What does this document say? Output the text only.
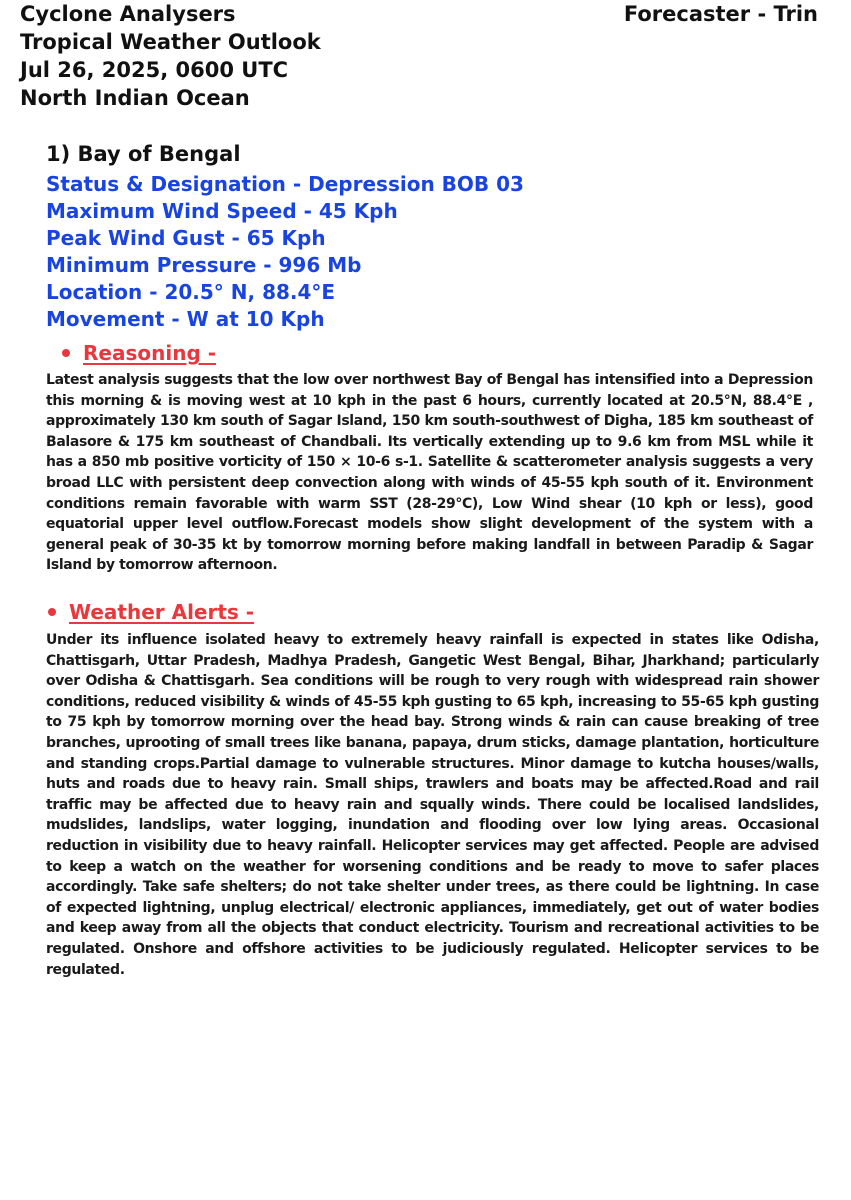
Cyclone Analysers
Tropical Weather Outlook
Jul 26, 2025, 0600 UTC
North Indian Ocean
Forecaster - Trin
1) Bay of Bengal
Status & Designation - Depression BOB 03
Maximum Wind Speed - 45 Kph
Peak Wind Gust - 65 Kph
Minimum Pressure - 996 Mb
Location - 20.5° N, 88.4°E
Movement - W at 10 Kph
Reasoning -
Latest analysis suggests that the low over northwest Bay of Bengal has intensified into a Depression this morning & is moving west at 10 kph in the past 6 hours, currently located at 20.5°N, 88.4°E , approximately 130 km south of Sagar Island, 150 km south-southwest of Digha, 185 km southeast of Balasore & 175 km southeast of Chandbali. Its vertically extending up to 9.6 km from MSL while it has a 850 mb positive vorticity of 150 × 10-6 s-1. Satellite & scatterometer analysis suggests a very broad LLC with persistent deep convection along with winds of 45-55 kph south of it. Environment conditions remain favorable with warm SST (28-29°C), Low Wind shear (10 kph or less), good equatorial upper level outflow.Forecast models show slight development of the system with a general peak of 30-35 kt by tomorrow morning before making landfall in between Paradip & Sagar Island by tomorrow afternoon.
Weather Alerts -
Under its influence isolated heavy to extremely heavy rainfall is expected in states like Odisha, Chattisgarh, Uttar Pradesh, Madhya Pradesh, Gangetic West Bengal, Bihar, Jharkhand; particularly over Odisha & Chattisgarh. Sea conditions will be rough to very rough with widespread rain shower conditions, reduced visibility & winds of 45-55 kph gusting to 65 kph, increasing to 55-65 kph gusting to 75 kph by tomorrow morning over the head bay. Strong winds & rain can cause breaking of tree branches, uprooting of small trees like banana, papaya, drum sticks, damage plantation, horticulture and standing crops.Partial damage to vulnerable structures. Minor damage to kutcha houses/walls, huts and roads due to heavy rain. Small ships, trawlers and boats may be affected.Road and rail traffic may be affected due to heavy rain and squally winds. There could be localised landslides, mudslides, landslips, water logging, inundation and flooding over low lying areas. Occasional reduction in visibility due to heavy rainfall. Helicopter services may get affected. People are advised to keep a watch on the weather for worsening conditions and be ready to move to safer places accordingly. Take safe shelters; do not take shelter under trees, as there could be lightning. In case of expected lightning, unplug electrical/ electronic appliances, immediately, get out of water bodies and keep away from all the objects that conduct electricity. Tourism and recreational activities to be regulated. Onshore and offshore activities to be judiciously regulated. Helicopter services to be regulated.
